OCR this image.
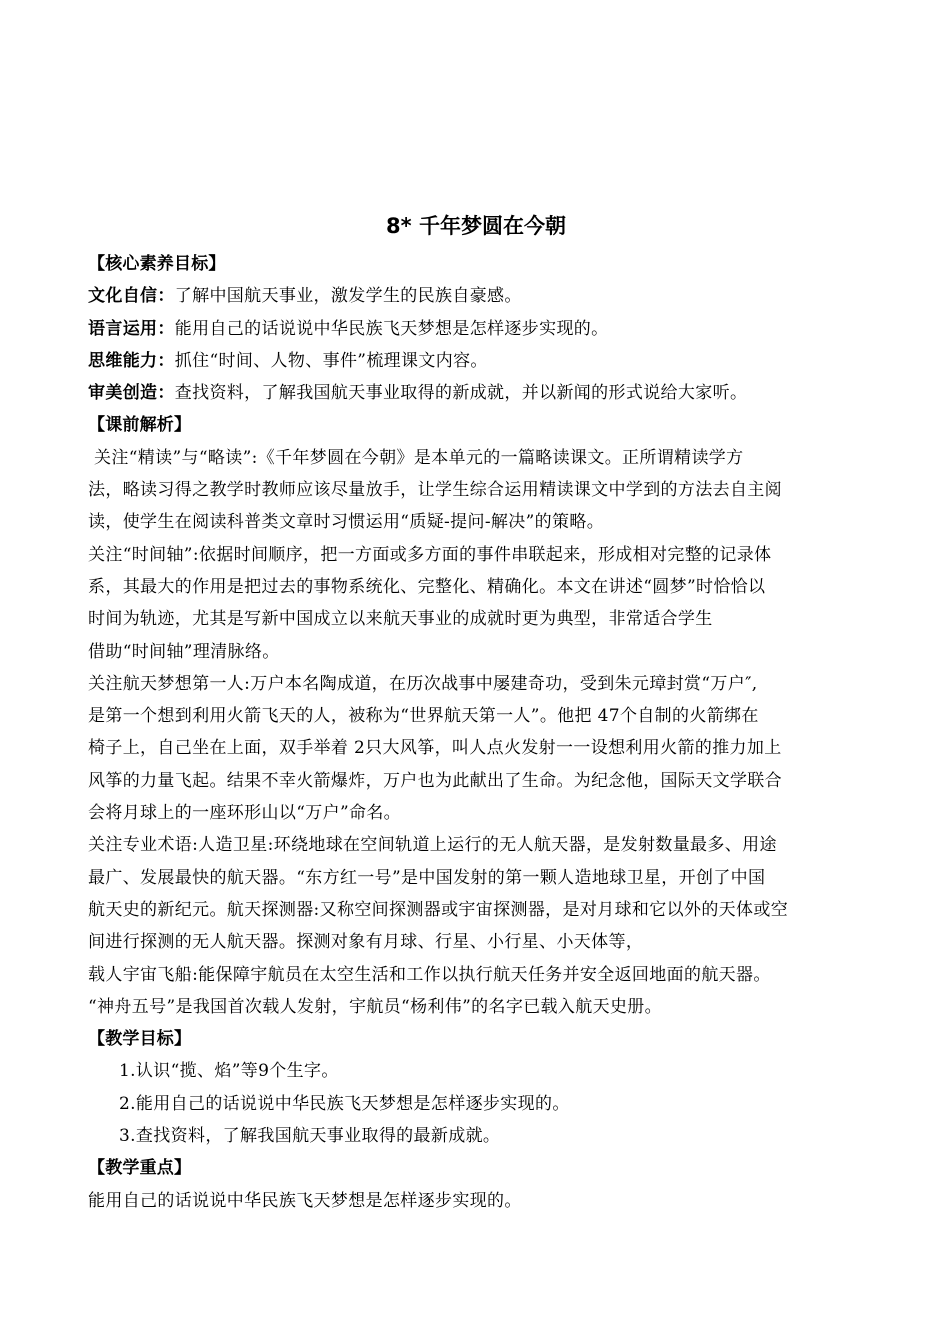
8* 千年梦圆在今朝
【核心素养目标】
文化自信：了解中国航天事业，激发学生的民族自豪感。
语言运用：能用自己的话说说中华民族飞天梦想是怎样逐步实现的。
思维能力：抓住“时间、人物、事件”梳理课文内容。
审美创造：查找资料，了解我国航天事业取得的新成就，并以新闻的形式说给大家听。
【课前解析】
关注“精读”与“略读”:《千年梦圆在今朝》是本单元的一篇略读课文。正所谓精读学方
法，略读习得之教学时教师应该尽量放手，让学生综合运用精读课文中学到的方法去自主阅
读，使学生在阅读科普类文章时习惯运用“质疑-提问-解决”的策略。
关注“时间轴”:依据时间顺序，把一方面或多方面的事件串联起来，形成相对完整的记录体
系，其最大的作用是把过去的事物系统化、完整化、精确化。本文在讲述“圆梦”时恰恰以
时间为轨迹，尤其是写新中国成立以来航天事业的成就时更为典型，非常适合学生
借助“时间轴”理清脉络。
关注航天梦想第一人:万户本名陶成道，在历次战事中屡建奇功，受到朱元璋封赏“万户″,
是第一个想到利用火箭飞天的人，被称为“世界航天第一人”。他把 47个自制的火箭绑在
椅子上，自己坐在上面，双手举着 2只大风筝，叫人点火发射一一设想利用火箭的推力加上
风筝的力量飞起。结果不幸火箭爆炸，万户也为此献出了生命。为纪念他，国际天文学联合
会将月球上的一座环形山以“万户”命名。
关注专业术语:人造卫星:环绕地球在空间轨道上运行的无人航天器，是发射数量最多、用途
最广、发展最快的航天器。“东方红一号”是中国发射的第一颗人造地球卫星，开创了中国
航天史的新纪元。航天探测器:又称空间探测器或宇宙探测器，是对月球和它以外的天体或空
间进行探测的无人航天器。探测对象有月球、行星、小行星、小天体等，
载人宇宙飞船:能保障宇航员在太空生活和工作以执行航天任务并安全返回地面的航天器。
“神舟五号”是我国首次载人发射，宇航员“杨利伟”的名字已载入航天史册。
【教学目标】
1.认识“揽、焰”等9个生字。
2.能用自己的话说说中华民族飞天梦想是怎样逐步实现的。
3.查找资料，了解我国航天事业取得的最新成就。
【教学重点】
能用自己的话说说中华民族飞天梦想是怎样逐步实现的。
